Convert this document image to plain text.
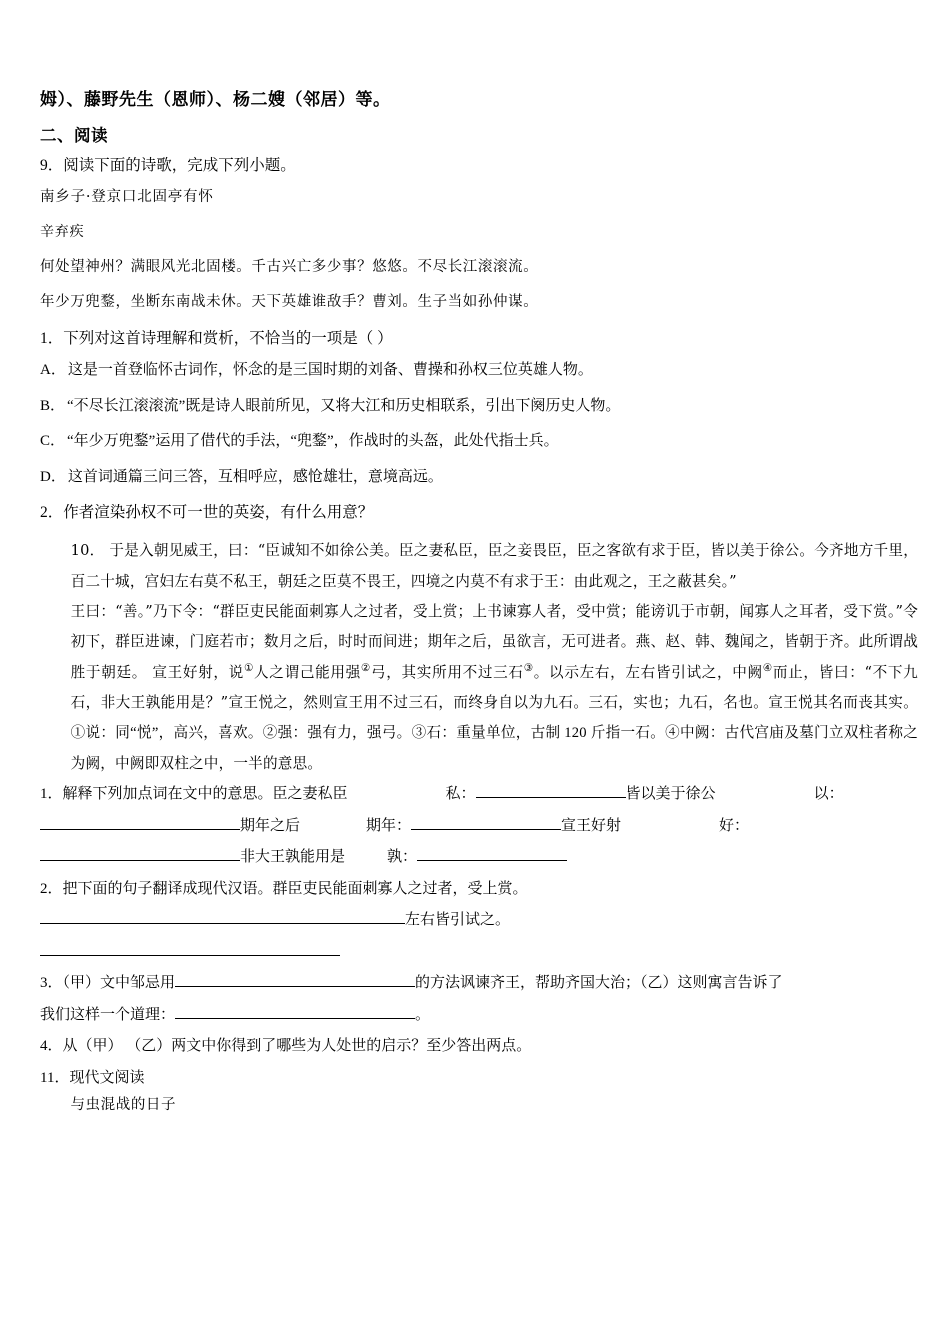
姆）、藤野先生（恩师）、杨二嫂（邻居）等。
二、阅读
9．阅读下面的诗歌，完成下列小题。
南乡子·登京口北固亭有怀
辛弃疾
何处望神州？满眼风光北固楼。千古兴亡多少事？悠悠。不尽长江滚滚流。
年少万兜鍪，坐断东南战未休。天下英雄谁敌手？曹刘。生子当如孙仲谋。
1．下列对这首诗理解和赏析，不恰当的一项是（ ）
A． 这是一首登临怀古词作，怀念的是三国时期的刘备、曹操和孙权三位英雄人物。
B． “不尽长江滚滚流”既是诗人眼前所见，又将大江和历史相联系，引出下阕历史人物。
C． “年少万兜鍪”运用了借代的手法，“兜鍪”，作战时的头盔，此处代指士兵。
D． 这首词通篇三问三答，互相呼应，感怆雄壮，意境高远。
2．作者渲染孙权不可一世的英姿，有什么用意？

10． 于是入朝见威王，曰：“臣诚知不如徐公美。臣之妻私臣，臣之妾畏臣，臣之客欲有求于臣，皆以美于徐公。今齐地方千里，百二十城，宫妇左右莫不私王，朝廷之臣莫不畏王，四境之内莫不有求于王：由此观之，王之蔽甚矣。”

王曰：“善。”乃下令：“群臣吏民能面刺寡人之过者，受上赏；上书谏寡人者，受中赏；能谤讥于市朝，闻寡人之耳者，受下赏。”令初下，群臣进谏，门庭若市；数月之后，时时而间进；期年之后，虽欲言，无可进者。燕、赵、韩、魏闻之，皆朝于齐。此所谓战胜于朝廷。 宣王好射，说①人之谓己能用强②弓，其实所用不过三石③。以示左右，左右皆引试之，中阙④而止，皆曰：“不下九石，非大王孰能用是？”宣王悦之，然则宣王用不过三石，而终身自以为九石。三石，实也；九石，名也。宣王悦其名而丧其实。①说：同“悦”，高兴，喜欢。②强：强有力，强弓。③石：重量单位，古制 120 斤指一石。④中阙：古代宫庙及墓门立双柱者称之为阙，中阙即双柱之中，一半的意思。

1．解释下列加点词在文中的意思。臣之妻私臣	私：	皆以美于徐公	以：期年之后	期年：	宣王好射	好：非大王孰能用是	孰：
2．把下面的句子翻译成现代汉语。群臣吏民能面刺寡人之过者，受上赏。
左右皆引试之。
3．（甲）文中邹忌用	的方法讽谏齐王，帮助齐国大治；（乙）这则寓言告诉了
我们这样一个道理：	。
4．从（甲） （乙）两文中你得到了哪些为人处世的启示？至少答出两点。
11．现代文阅读
与虫混战的日子
